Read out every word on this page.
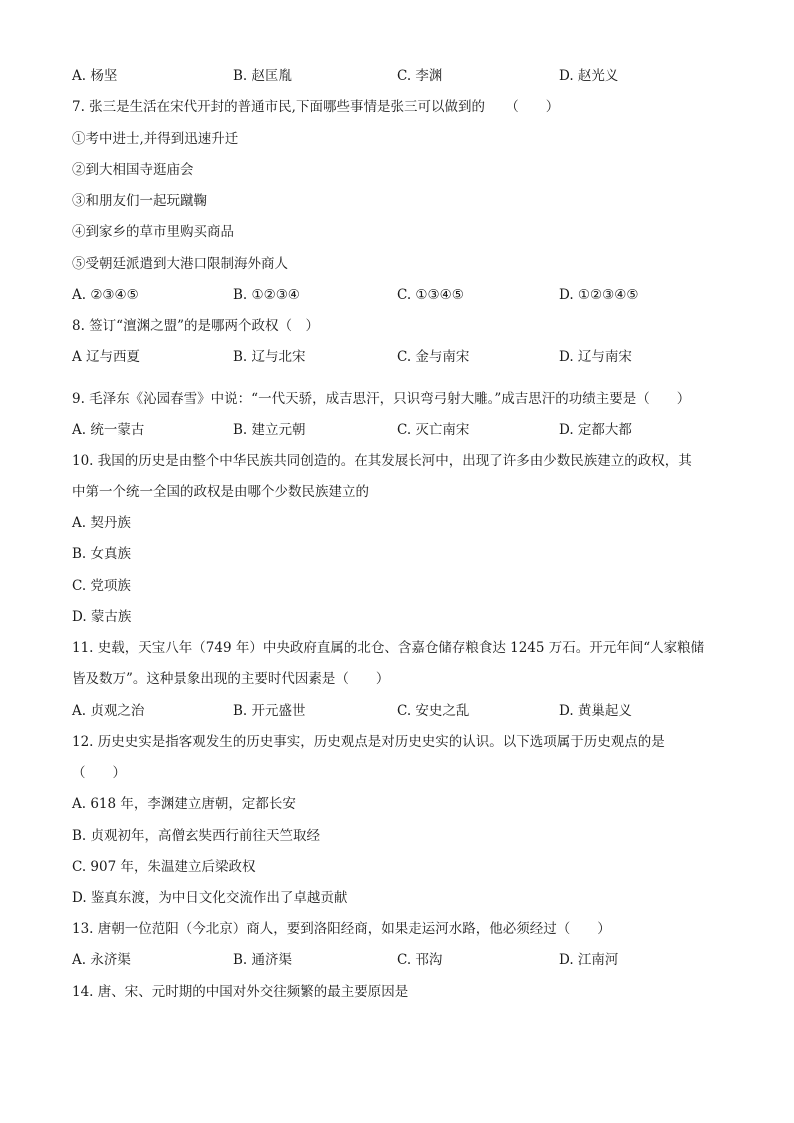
A. 杨坚	B. 赵匡胤	C. 李渊	D. 赵光义
7. 张三是生活在宋代开封的普通市民,下面哪些事情是张三可以做到的　　（　　）
①考中进士,并得到迅速升迁
②到大相国寺逛庙会
③和朋友们一起玩蹴鞠
④到家乡的草市里购买商品
⑤受朝廷派遣到大港口限制海外商人
A. ②③④⑤	B. ①②③④	C. ①③④⑤	D. ①②③④⑤
8. 签订“澶渊之盟”的是哪两个政权（　）
A 辽与西夏	B. 辽与北宋	C. 金与南宋	D. 辽与南宋
9. 毛泽东《沁园春雪》中说：“一代天骄，成吉思汗，只识弯弓射大雕。”成吉思汗的功绩主要是（　　）
A. 统一蒙古	B. 建立元朝	C. 灭亡南宋	D. 定都大都
10. 我国的历史是由整个中华民族共同创造的。在其发展长河中，出现了许多由少数民族建立的政权，其
中第一个统一全国的政权是由哪个少数民族建立的
A. 契丹族
B. 女真族
C. 党项族
D. 蒙古族
11. 史载，天宝八年（749 年）中央政府直属的北仓、含嘉仓储存粮食达 1245 万石。开元年间“人家粮储
皆及数万”。这种景象出现的主要时代因素是（　　）
A. 贞观之治	B. 开元盛世	C. 安史之乱	D. 黄巢起义
12. 历史史实是指客观发生的历史事实，历史观点是对历史史实的认识。以下选项属于历史观点的是
（　　）
A. 618 年，李渊建立唐朝，定都长安
B. 贞观初年，高僧玄奘西行前往天竺取经
C. 907 年，朱温建立后梁政权
D. 鉴真东渡，为中日文化交流作出了卓越贡献
13. 唐朝一位范阳（今北京）商人，要到洛阳经商，如果走运河水路，他必须经过（　　）
A. 永济渠	B. 通济渠	C. 邗沟	D. 江南河
14. 唐、宋、元时期的中国对外交往频繁的最主要原因是
